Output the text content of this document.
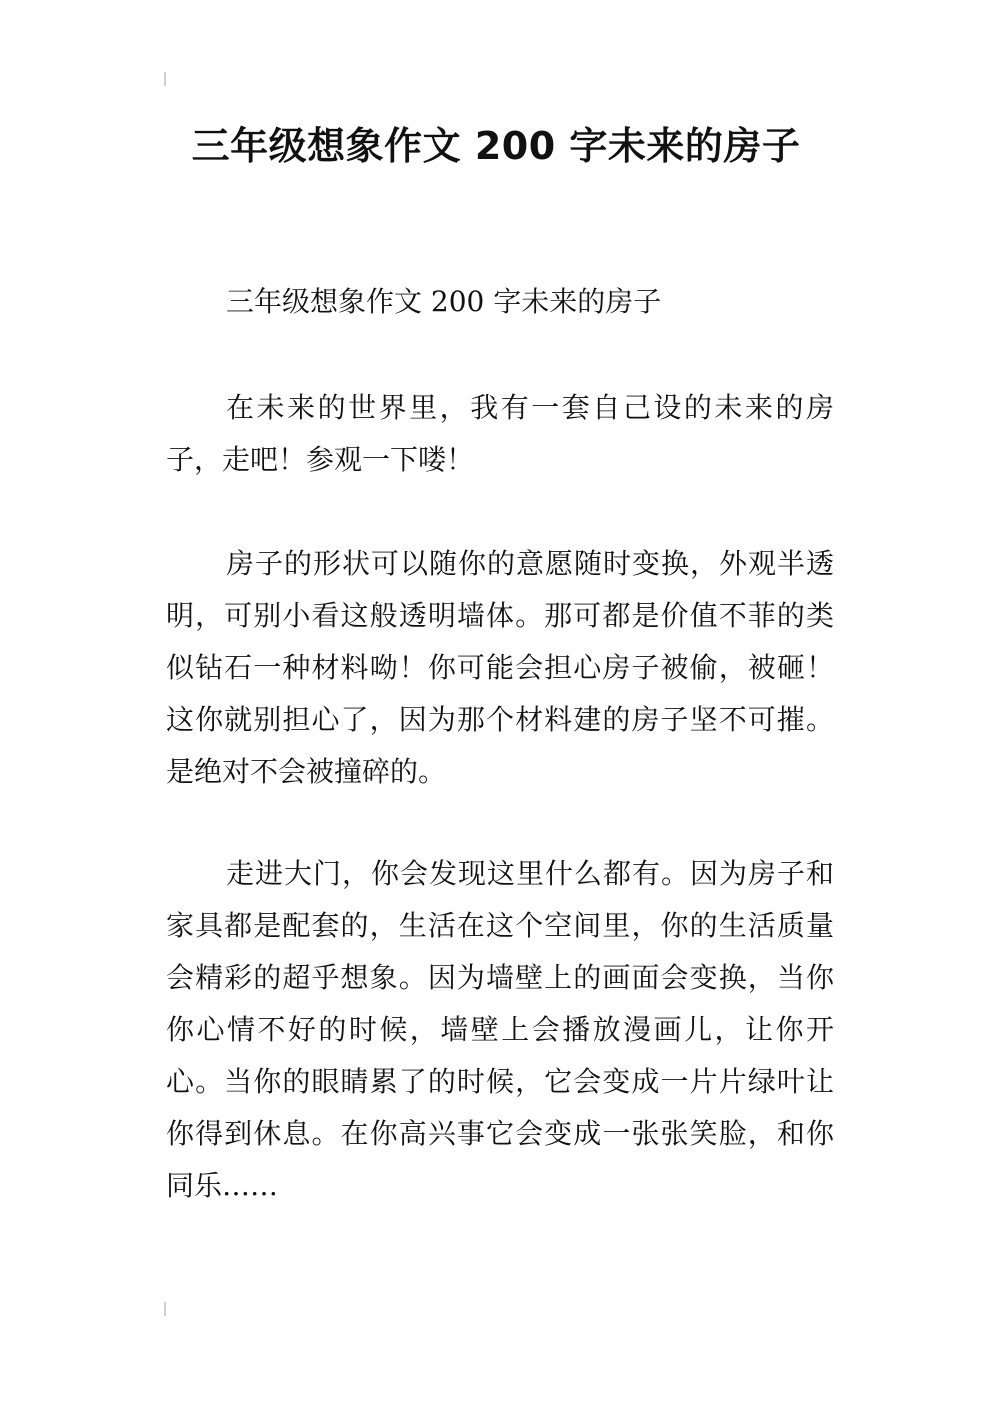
三年级想象作文 200 字未来的房子

三年级想象作文 200 字未来的房子

在未来的世界里，我有一套自己设的未来的房子，走吧！参观一下喽！

房子的形状可以随你的意愿随时变换，外观半透明，可别小看这般透明墙体。那可都是价值不菲的类似钻石一种材料呦！你可能会担心房子被偷，被砸！这你就别担心了，因为那个材料建的房子坚不可摧。是绝对不会被撞碎的。

走进大门，你会发现这里什么都有。因为房子和家具都是配套的，生活在这个空间里，你的生活质量会精彩的超乎想象。因为墙壁上的画面会变换，当你你心情不好的时候，墙壁上会播放漫画儿，让你开心。当你的眼睛累了的时候，它会变成一片片绿叶让你得到休息。在你高兴事它会变成一张张笑脸，和你同乐……
